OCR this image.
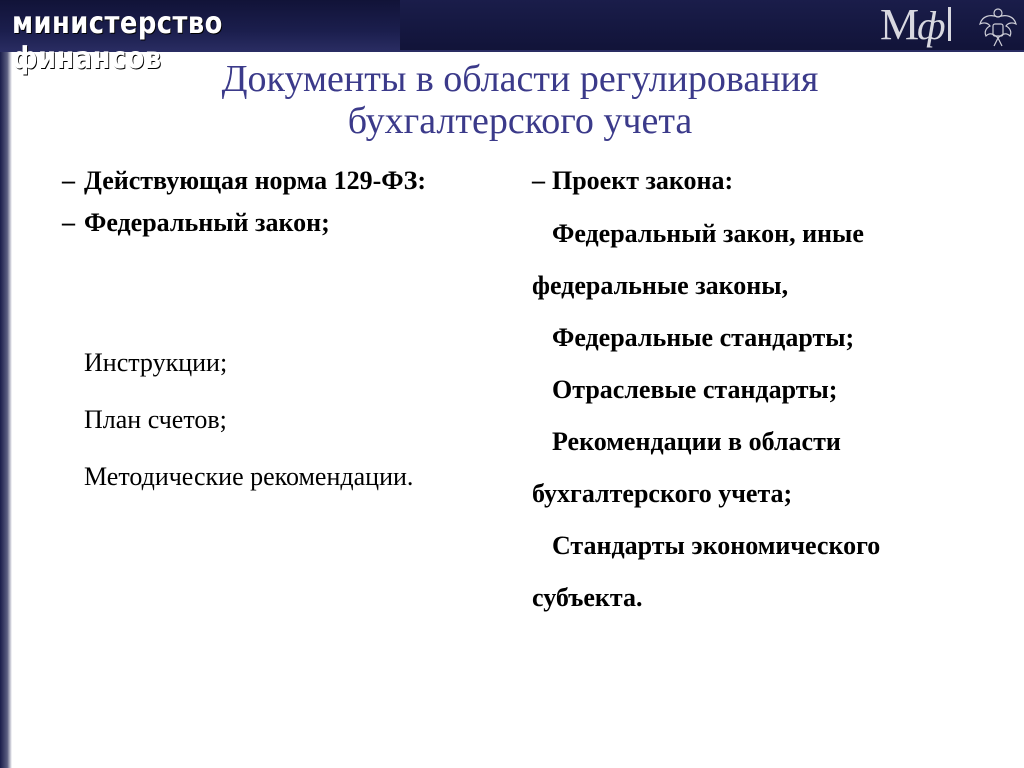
министерство финансов
Мф
Документы в области регулирования
бухгалтерского учета
– Действующая норма 129-ФЗ:
– Федеральный закон;
Инструкции;
План счетов;
Методические рекомендации.
– Проект закона:
Федеральный закон, иные
федеральные законы,
Федеральные стандарты;
Отраслевые стандарты;
Рекомендации в области
бухгалтерского учета;
Стандарты экономического
субъекта.
